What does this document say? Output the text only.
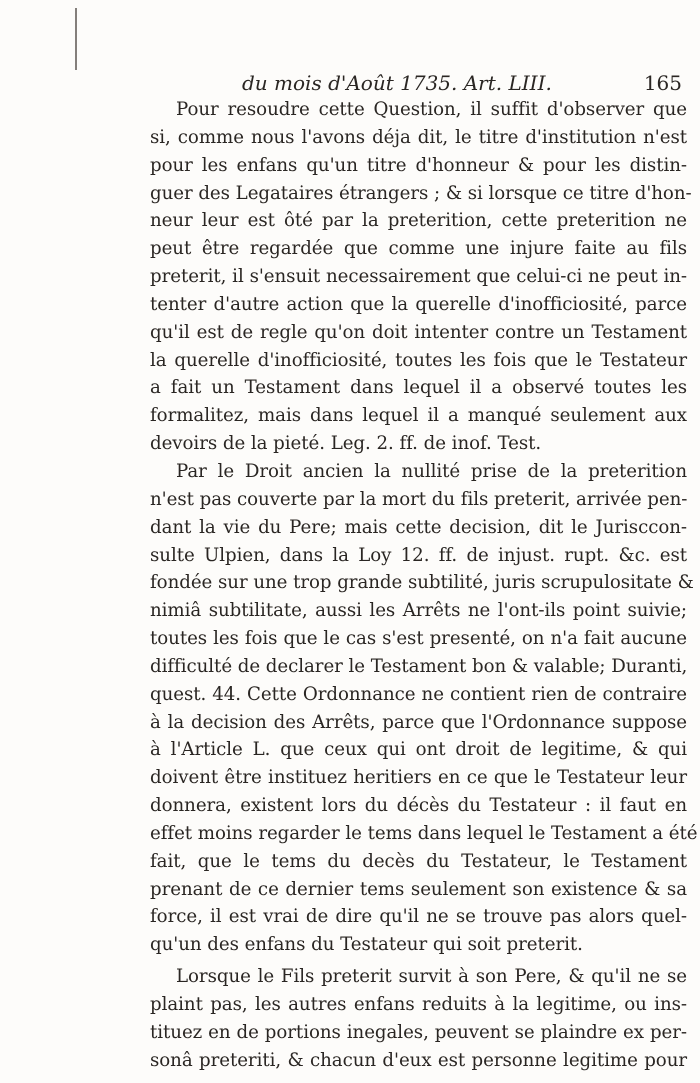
du mois d'Août 1735. Art. LIII.	165
Pour resoudre cette Question, il suffit d'observer que
si, comme nous l'avons déja dit, le titre d'institution n'est
pour les enfans qu'un titre d'honneur & pour les distin-
guer des Legataires étrangers ; & si lorsque ce titre d'hon-
neur leur est ôté par la preterition, cette preterition ne
peut être regardée que comme une injure faite au fils
preterit, il s'ensuit necessairement que celui-ci ne peut in-
tenter d'autre action que la querelle d'inofficiosité, parce
qu'il est de regle qu'on doit intenter contre un Testament
la querelle d'inofficiosité, toutes les fois que le Testateur
a fait un Testament dans lequel il a observé toutes les
formalitez, mais dans lequel il a manqué seulement aux
devoirs de la pieté. Leg. 2. ff. de inof. Test.
Par le Droit ancien la nullité prise de la preterition
n'est pas couverte par la mort du fils preterit, arrivée pen-
dant la vie du Pere; mais cette decision, dit le Jurisccon-
sulte Ulpien, dans la Loy 12. ff. de injust. rupt. &c. est
fondée sur une trop grande subtilité, juris scrupulositate &
nimiâ subtilitate, aussi les Arrêts ne l'ont-ils point suivie;
toutes les fois que le cas s'est presenté, on n'a fait aucune
difficulté de declarer le Testament bon & valable; Duranti,
quest. 44. Cette Ordonnance ne contient rien de contraire
à la decision des Arrêts, parce que l'Ordonnance suppose
à l'Article L. que ceux qui ont droit de legitime, & qui
doivent être instituez heritiers en ce que le Testateur leur
donnera, existent lors du décès du Testateur : il faut en
effet moins regarder le tems dans lequel le Testament a été
fait, que le tems du decès du Testateur, le Testament
prenant de ce dernier tems seulement son existence & sa
force, il est vrai de dire qu'il ne se trouve pas alors quel-
qu'un des enfans du Testateur qui soit preterit.
Lorsque le Fils preterit survit à son Pere, & qu'il ne se
plaint pas, les autres enfans reduits à la legitime, ou ins-
tituez en de portions inegales, peuvent se plaindre ex per-
sonâ preteriti, & chacun d'eux est personne legitime pour
